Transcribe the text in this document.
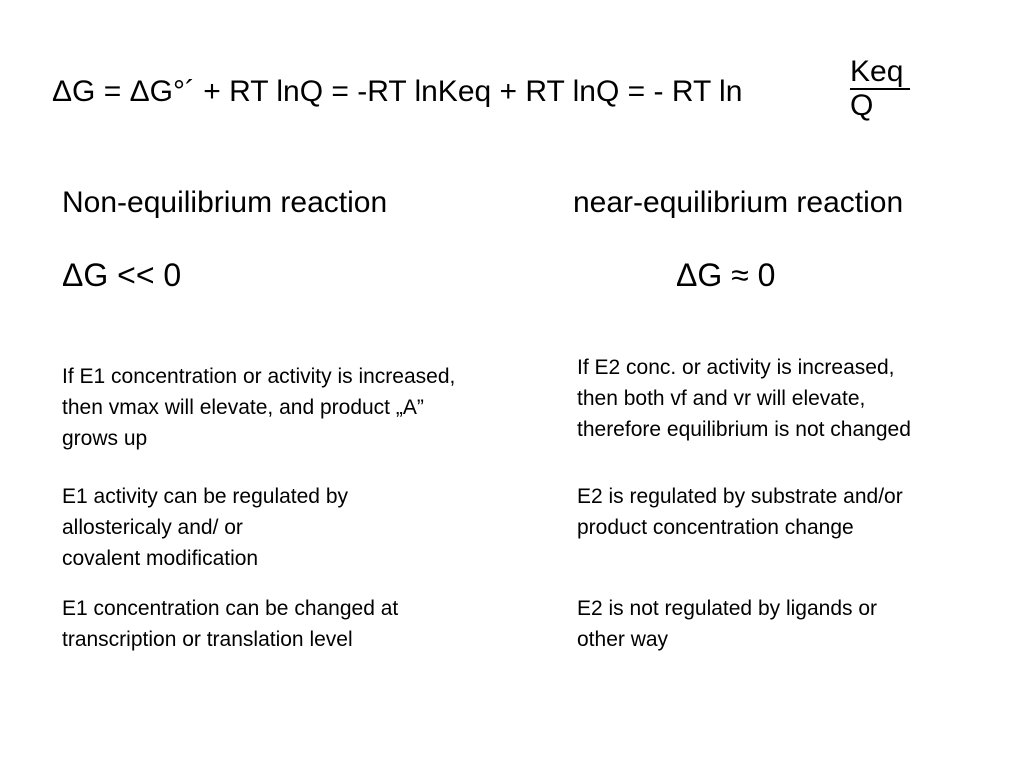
ΔG = ΔG°´ + RT lnQ = -RT lnKeq + RT lnQ = - RT ln
Keq
Q
Non-equilibrium reaction
ΔG << 0
If E1 concentration or activity is increased,
then vmax will elevate, and product „A”
grows up
E1 activity can be regulated by
allostericaly and/ or
covalent modification
E1 concentration can be changed at
transcription or translation level
near-equilibrium reaction
ΔG ≈ 0
If E2 conc. or activity is increased,
then both vf and vr will elevate,
therefore equilibrium is not changed
E2 is regulated by substrate and/or
product concentration change
E2 is not regulated by ligands or
other way
